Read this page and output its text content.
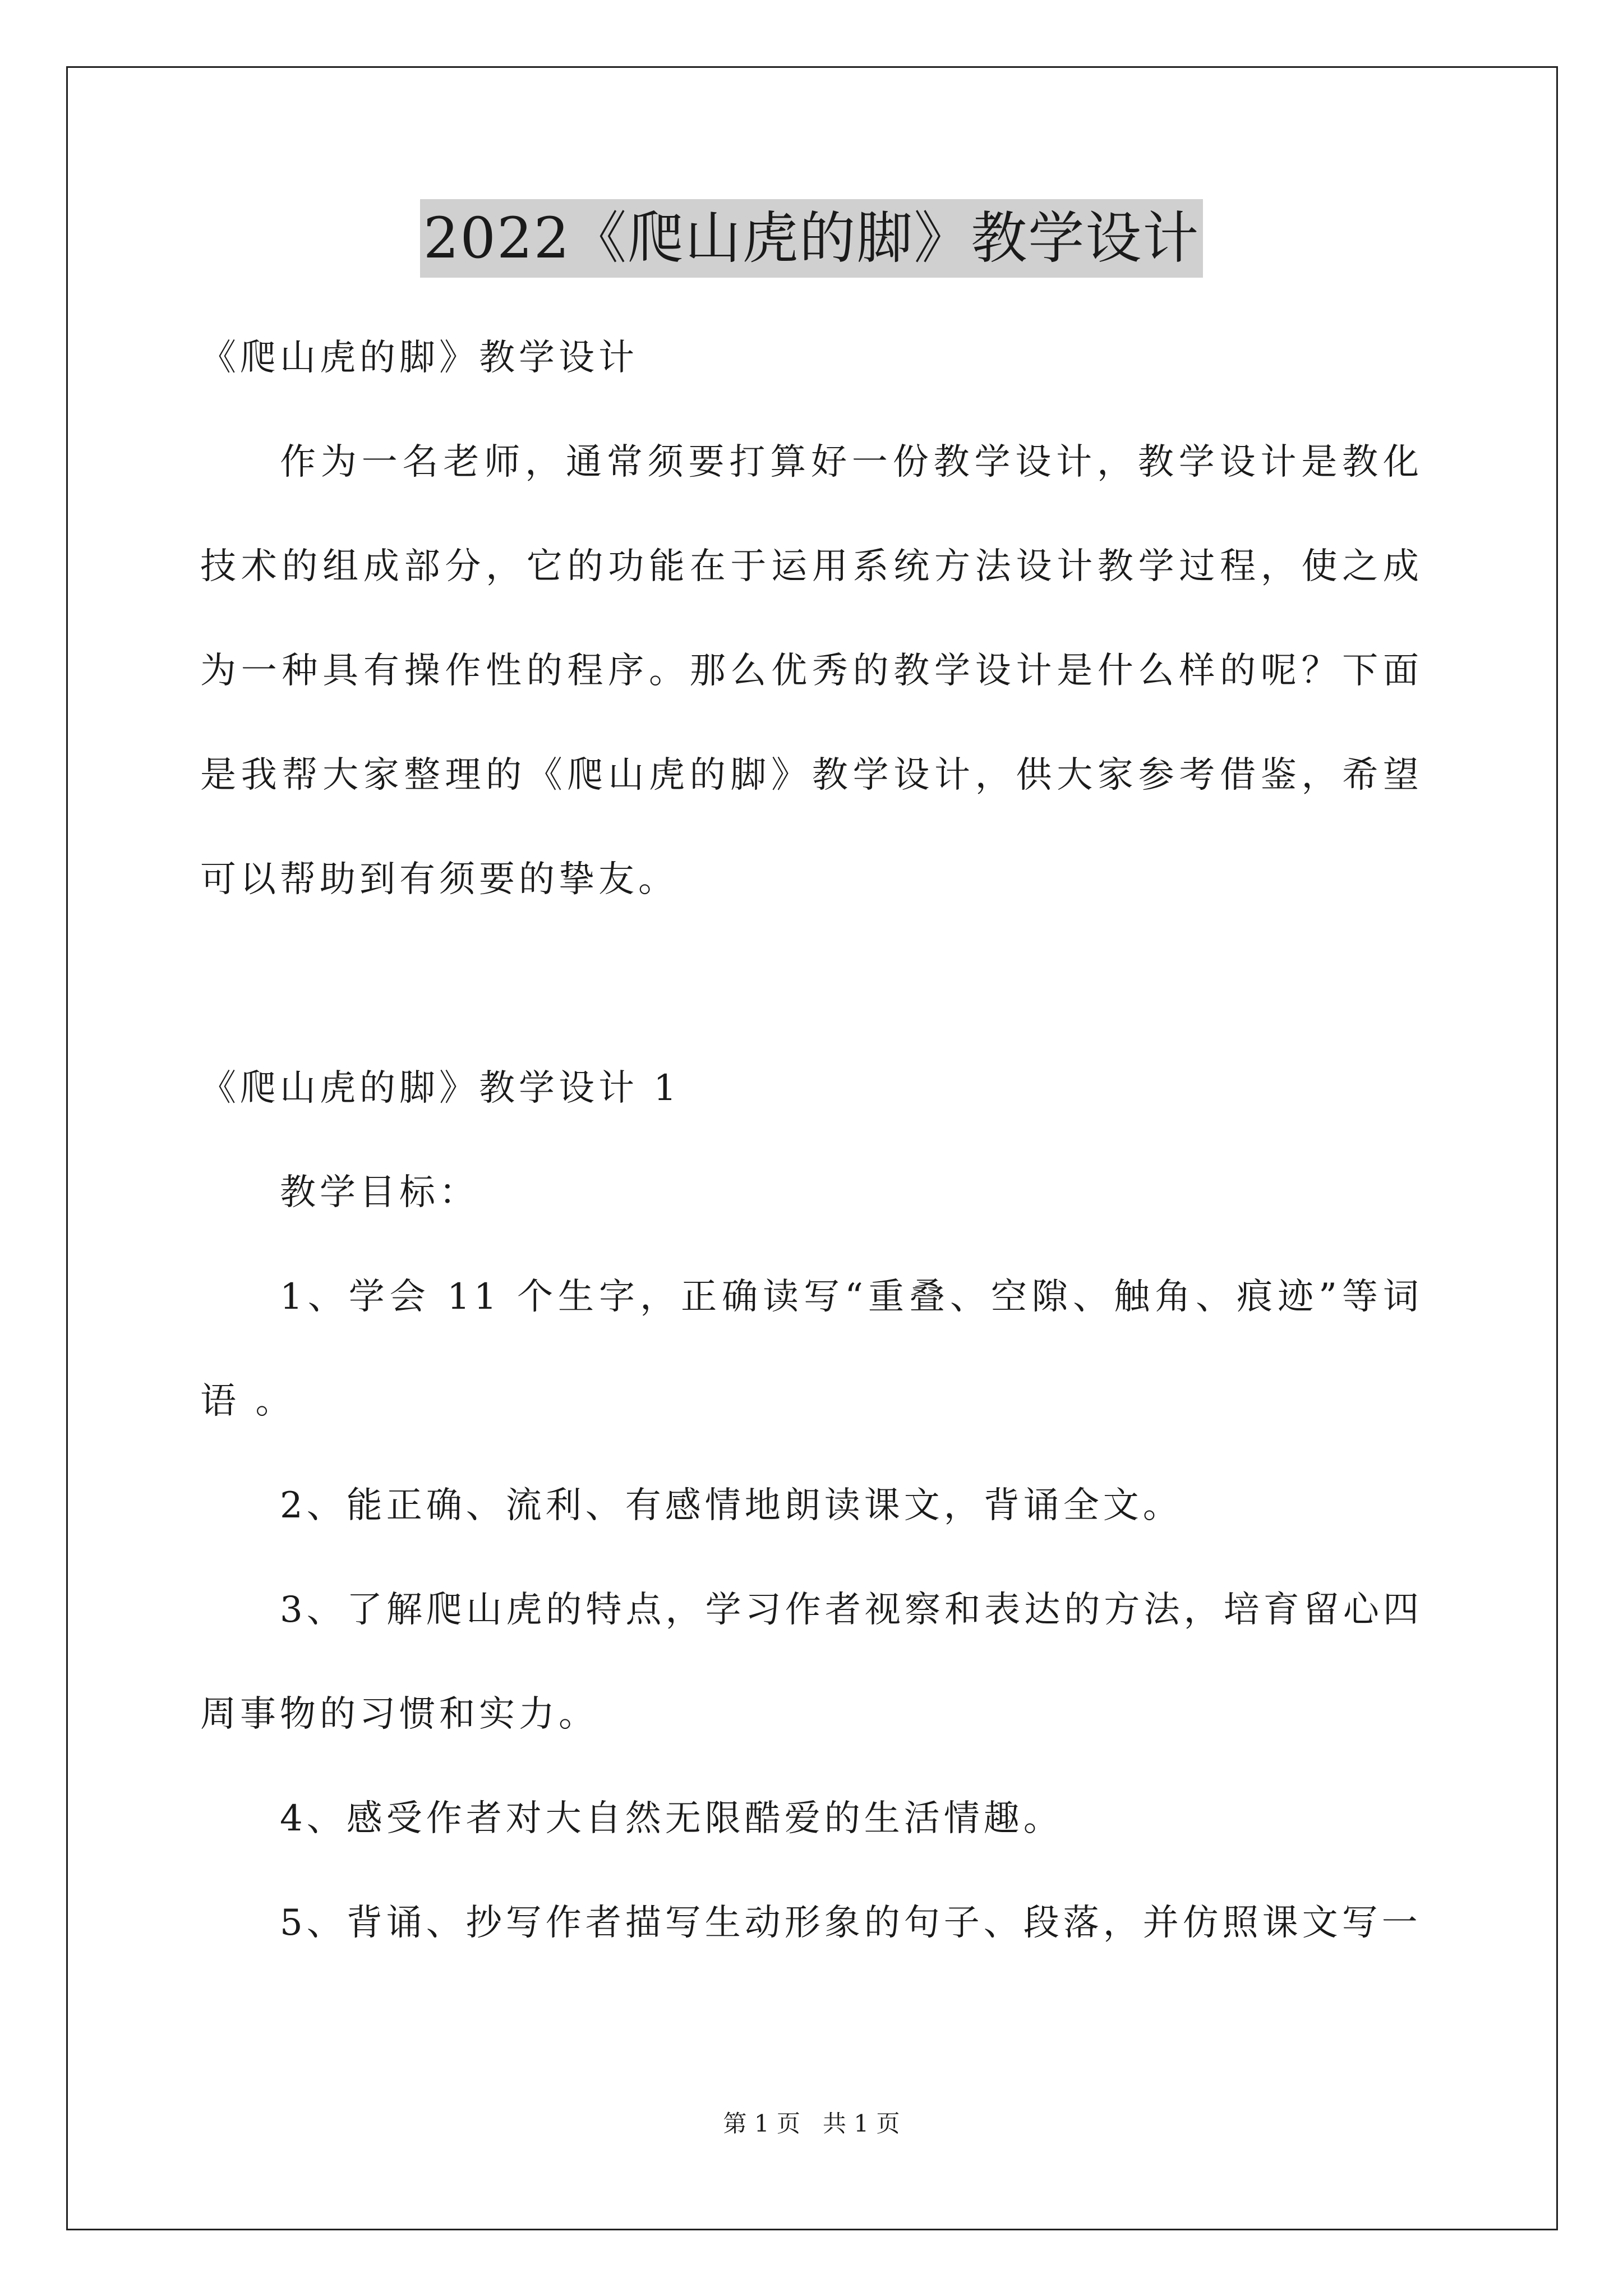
2022《爬山虎的脚》教学设计

《爬山虎的脚》教学设计

作为一名老师，通常须要打算好一份教学设计，教学设计是教化技术的组成部分，它的功能在于运用系统方法设计教学过程，使之成为一种具有操作性的程序。那么优秀的教学设计是什么样的呢？下面是我帮大家整理的《爬山虎的脚》教学设计，供大家参考借鉴，希望可以帮助到有须要的挚友。

《爬山虎的脚》教学设计 1

教学目标：

1、学会 11 个生字，正确读写“重叠、空隙、触角、痕迹”等词语 。

2、能正确、流利、有感情地朗读课文，背诵全文。

3、了解爬山虎的特点，学习作者视察和表达的方法，培育留心四周事物的习惯和实力。

4、感受作者对大自然无限酷爱的生活情趣。

5、背诵、抄写作者描写生动形象的句子、段落，并仿照课文写一

第 1 页   共 1 页
